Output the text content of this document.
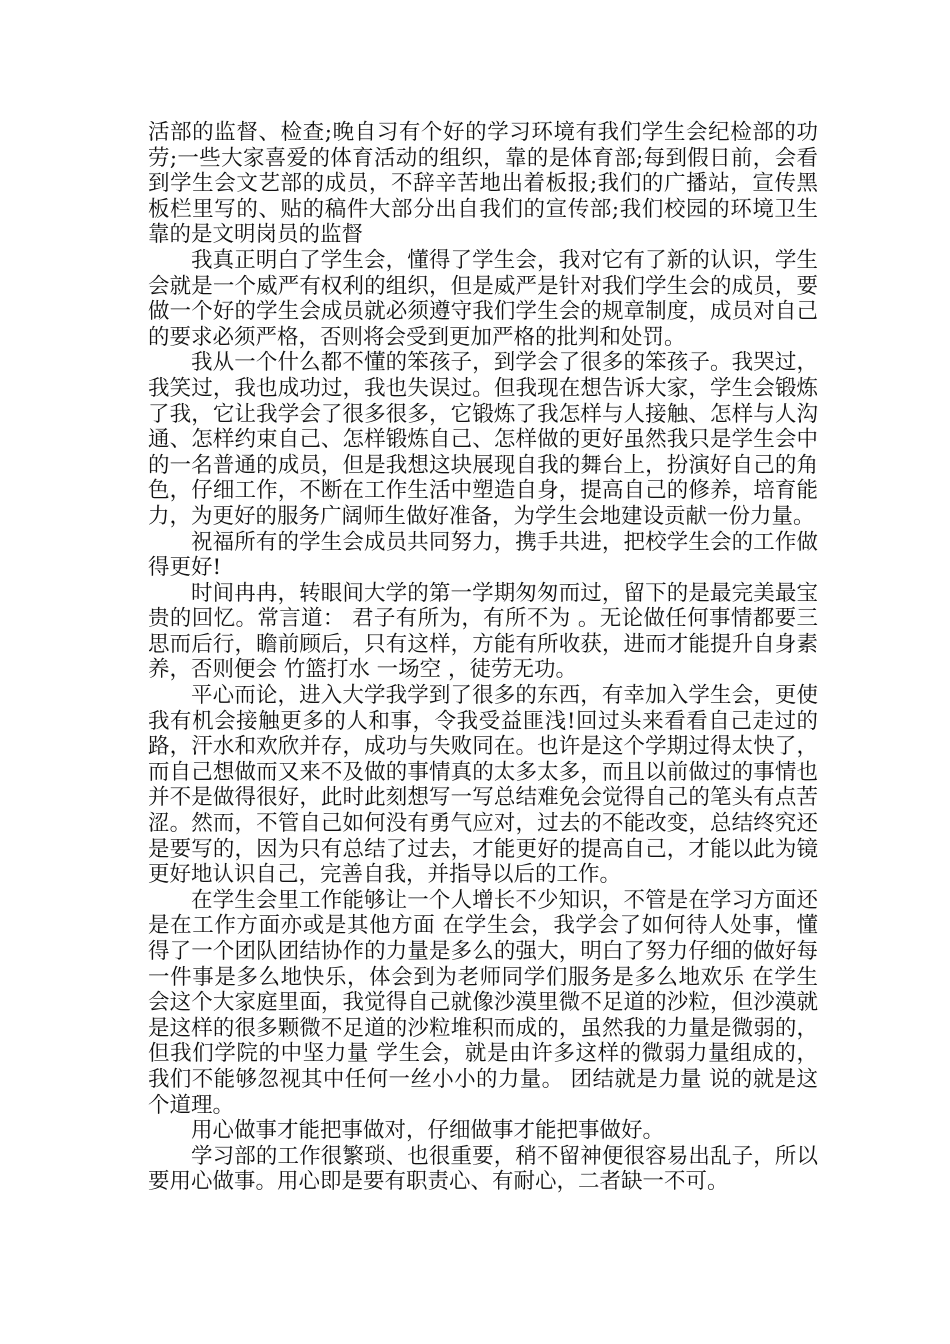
活部的监督、检查;晚自习有个好的学习环境有我们学生会纪检部的功劳;一些大家喜爱的体育活动的组织，靠的是体育部;每到假日前，会看到学生会文艺部的成员，不辞辛苦地出着板报;我们的广播站，宣传黑板栏里写的、贴的稿件大部分出自我们的宣传部;我们校园的环境卫生靠的是文明岗员的监督

我真正明白了学生会，懂得了学生会，我对它有了新的认识，学生会就是一个威严有权利的组织，但是威严是针对我们学生会的成员，要做一个好的学生会成员就必须遵守我们学生会的规章制度，成员对自己的要求必须严格，否则将会受到更加严格的批判和处罚。

我从一个什么都不懂的笨孩子，到学会了很多的笨孩子。我哭过，我笑过，我也成功过，我也失误过。但我现在想告诉大家，学生会锻炼了我，它让我学会了很多很多，它锻炼了我怎样与人接触、怎样与人沟通、怎样约束自己、怎样锻炼自己、怎样做的更好虽然我只是学生会中的一名普通的成员，但是我想这块展现自我的舞台上，扮演好自己的角色，仔细工作，不断在工作生活中塑造自身，提高自己的修养，培育能力，为更好的服务广阔师生做好准备，为学生会地建设贡献一份力量。

祝福所有的学生会成员共同努力，携手共进，把校学生会的工作做得更好!

时间冉冉，转眼间大学的第一学期匆匆而过，留下的是最完美最宝贵的回忆。常言道： 君子有所为，有所不为 。无论做任何事情都要三思而后行，瞻前顾后，只有这样，方能有所收获，进而才能提升自身素养，否则便会 竹篮打水 一场空 ，徒劳无功。

平心而论，进入大学我学到了很多的东西，有幸加入学生会，更使我有机会接触更多的人和事，令我受益匪浅!回过头来看看自己走过的路，汗水和欢欣并存，成功与失败同在。也许是这个学期过得太快了，而自己想做而又来不及做的事情真的太多太多，而且以前做过的事情也并不是做得很好，此时此刻想写一写总结难免会觉得自己的笔头有点苦涩。然而，不管自己如何没有勇气应对，过去的不能改变，总结终究还是要写的，因为只有总结了过去，才能更好的提高自己，才能以此为镜更好地认识自己，完善自我，并指导以后的工作。

在学生会里工作能够让一个人增长不少知识，不管是在学习方面还是在工作方面亦或是其他方面 在学生会，我学会了如何待人处事，懂得了一个团队团结协作的力量是多么的强大，明白了努力仔细的做好每一件事是多么地快乐，体会到为老师同学们服务是多么地欢乐 在学生会这个大家庭里面，我觉得自己就像沙漠里微不足道的沙粒，但沙漠就是这样的很多颗微不足道的沙粒堆积而成的，虽然我的力量是微弱的，但我们学院的中坚力量 学生会，就是由许多这样的微弱力量组成的，我们不能够忽视其中任何一丝小小的力量。 团结就是力量 说的就是这个道理。

用心做事才能把事做对，仔细做事才能把事做好。

学习部的工作很繁琐、也很重要，稍不留神便很容易出乱子，所以要用心做事。用心即是要有职责心、有耐心，二者缺一不可。
